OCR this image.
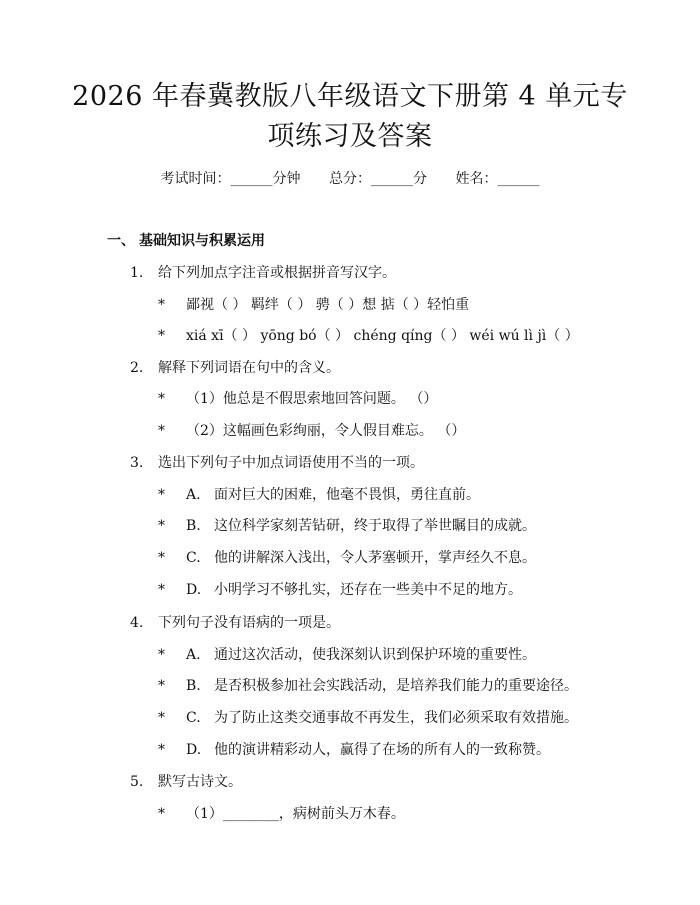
2026 年春冀教版八年级语文下册第 4 单元专
项练习及答案
考试时间：______分钟 总分：______分 姓名：______
一、 基础知识与积累运用
1. 给下列加点字注音或根据拼音写汉字。
* 鄙视（ ） 羁绊（ ） 骋（ ）想 掂（ ）轻怕重
* xiá xī（ ） yōng bó（ ） chéng qíng（ ） wéi wú lì jì（ ）
2. 解释下列词语在句中的含义。
* （1）他总是不假思索地回答问题。 （）
* （2）这幅画色彩绚丽，令人假目难忘。 （）
3. 选出下列句子中加点词语使用不当的一项。
* A. 面对巨大的困难，他毫不畏惧，勇往直前。
* B. 这位科学家刻苦钻研，终于取得了举世瞩目的成就。
* C. 他的讲解深入浅出，令人茅塞顿开，掌声经久不息。
* D. 小明学习不够扎实，还存在一些美中不足的地方。
4. 下列句子没有语病的一项是。
* A. 通过这次活动，使我深刻认识到保护环境的重要性。
* B. 是否积极参加社会实践活动，是培养我们能力的重要途径。
* C. 为了防止这类交通事故不再发生，我们必须采取有效措施。
* D. 他的演讲精彩动人，赢得了在场的所有人的一致称赞。
5. 默写古诗文。
* （1）________，病树前头万木春。
